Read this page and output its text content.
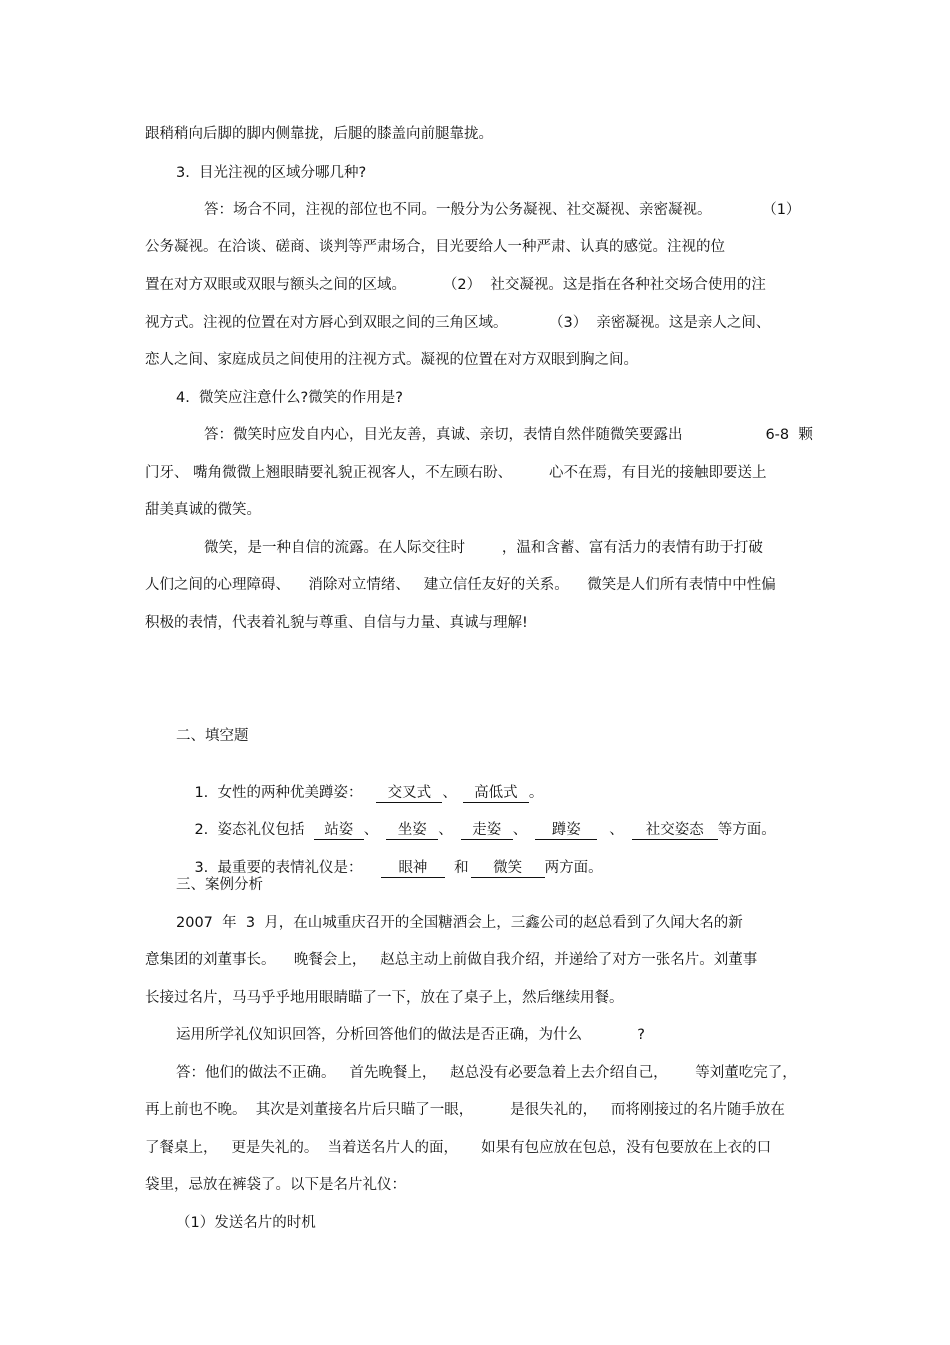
跟稍稍向后脚的脚内侧靠拢，后腿的膝盖向前腿靠拢。
3.  目光注视的区域分哪几种?
答：场合不同，注视的部位也不同。一般分为公务凝视、社交凝视、亲密凝视。           （1）
公务凝视。在洽谈、磋商、谈判等严肃场合，目光要给人一种严肃、认真的感觉。注视的位
置在对方双眼或双眼与额头之间的区域。        （2）  社交凝视。这是指在各种社交场合使用的注
视方式。注视的位置在对方唇心到双眼之间的三角区域。         （3）  亲密凝视。这是亲人之间、
恋人之间、家庭成员之间使用的注视方式。凝视的位置在对方双眼到胸之间。
4.  微笑应注意什么?微笑的作用是?
答：微笑时应发自内心，目光友善，真诚、亲切，表情自然伴随微笑要露出                  6-8  颗
门牙、 嘴角微微上翘眼睛要礼貌正视客人，不左顾右盼、        心不在焉，有目光的接触即要送上
甜美真诚的微笑。
微笑，是一种自信的流露。在人际交往时        ，温和含蓄、富有活力的表情有助于打破
人们之间的心理障碍、    消除对立情绪、   建立信任友好的关系。    微笑是人们所有表情中中性偏
积极的表情，代表着礼貌与尊重、自信与力量、真诚与理解!
二、填空题

1.  女性的两种优美蹲姿：   交叉式 、 高低式 。

2.  姿态礼仪包括  站姿 、 坐姿 、 走姿 、 蹲姿 、 社交姿态 等方面。

3.  最重要的表情礼仪是：    眼神  和 微笑 两方面。

三、案例分析
2007  年  3  月，在山城重庆召开的全国糖酒会上，三鑫公司的赵总看到了久闻大名的新
意集团的刘董事长。    晚餐会上，   赵总主动上前做自我介绍，并递给了对方一张名片。刘董事
长接过名片，马马乎乎地用眼睛瞄了一下，放在了桌子上，然后继续用餐。
运用所学礼仪知识回答，分析回答他们的做法是否正确，为什么            ?
答：他们的做法不正确。   首先晚餐上，   赵总没有必要急着上去介绍自己，      等刘董吃完了，
再上前也不晚。  其次是刘董接名片后只瞄了一眼，        是很失礼的，   而将刚接过的名片随手放在
了餐桌上，   更是失礼的。  当着送名片人的面，     如果有包应放在包总，没有包要放在上衣的口
袋里，忌放在裤袋了。以下是名片礼仪：
（1）发送名片的时机
